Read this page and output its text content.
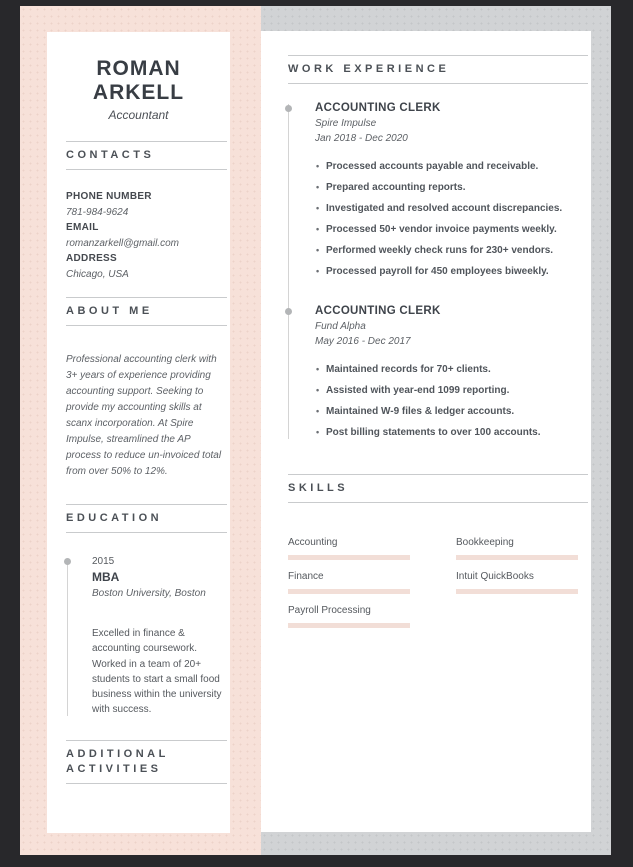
ROMAN
ARKELL
Accountant
CONTACTS
PHONE NUMBER
781-984-9624
EMAIL
romanzarkell@gmail.com
ADDRESS
Chicago, USA
ABOUT ME
Professional accounting clerk with 3+ years of experience providing accounting support. Seeking to provide my accounting skills at scanx incorporation. At Spire Impulse, streamlined the AP process to reduce un-invoiced total from over 50% to 12%.
EDUCATION
2015
MBA
Boston University, Boston
Excelled in finance & accounting coursework. Worked in a team of 20+ students to start a small food business within the university with success.
ADDITIONAL ACTIVITIES
WORK EXPERIENCE
ACCOUNTING CLERK
Spire Impulse
Jan 2018 - Dec 2020
• Processed accounts payable and receivable.
• Prepared accounting reports.
• Investigated and resolved account discrepancies.
• Processed 50+ vendor invoice payments weekly.
• Performed weekly check runs for 230+ vendors.
• Processed payroll for 450 employees biweekly.
ACCOUNTING CLERK
Fund Alpha
May 2016 - Dec 2017
• Maintained records for 70+ clients.
• Assisted with year-end 1099 reporting.
• Maintained W-9 files & ledger accounts.
• Post billing statements to over 100 accounts.
SKILLS
Accounting	Bookkeeping
Finance	Intuit QuickBooks
Payroll Processing
